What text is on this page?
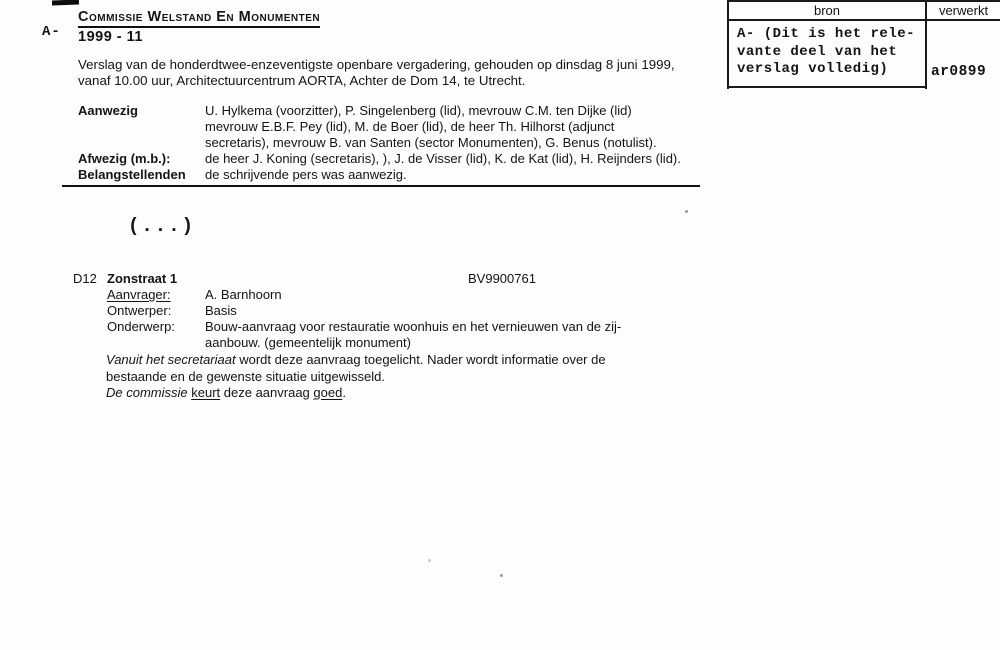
A-
Commissie Welstand En Monumenten
1999 - 11
Verslag van de honderdtwee-enzeventigste openbare vergadering, gehouden op dinsdag 8 juni 1999,
vanaf 10.00 uur, Architectuurcentrum AORTA, Achter de Dom 14, te Utrecht.
Aanwezig	U. Hylkema (voorzitter), P. Singelenberg (lid), mevrouw C.M. ten Dijke (lid)
mevrouw E.B.F. Pey (lid), M. de Boer (lid), de heer Th. Hilhorst (adjunct
secretaris), mevrouw B. van Santen (sector Monumenten), G. Benus (notulist).
Afwezig (m.b.):	de heer J. Koning (secretaris), ), J. de Visser (lid), K. de Kat (lid), H. Reijnders (lid).
Belangstellenden	de schrijvende pers was aanwezig.
(...)
D12 Zonstraat 1	BV9900761
Aanvrager:	A. Barnhoorn
Ontwerper:	Basis
Onderwerp:	Bouw-aanvraag voor restauratie woonhuis en het vernieuwen van de zij-
aanbouw. (gemeentelijk monument)
Vanuit het secretariaat wordt deze aanvraag toegelicht. Nader wordt informatie over de
bestaande en de gewenste situatie uitgewisseld.
De commissie keurt deze aanvraag goed.
bron	verwerkt
A- (Dit is het rele-
vante deel van het
verslag volledig)	ar0899
